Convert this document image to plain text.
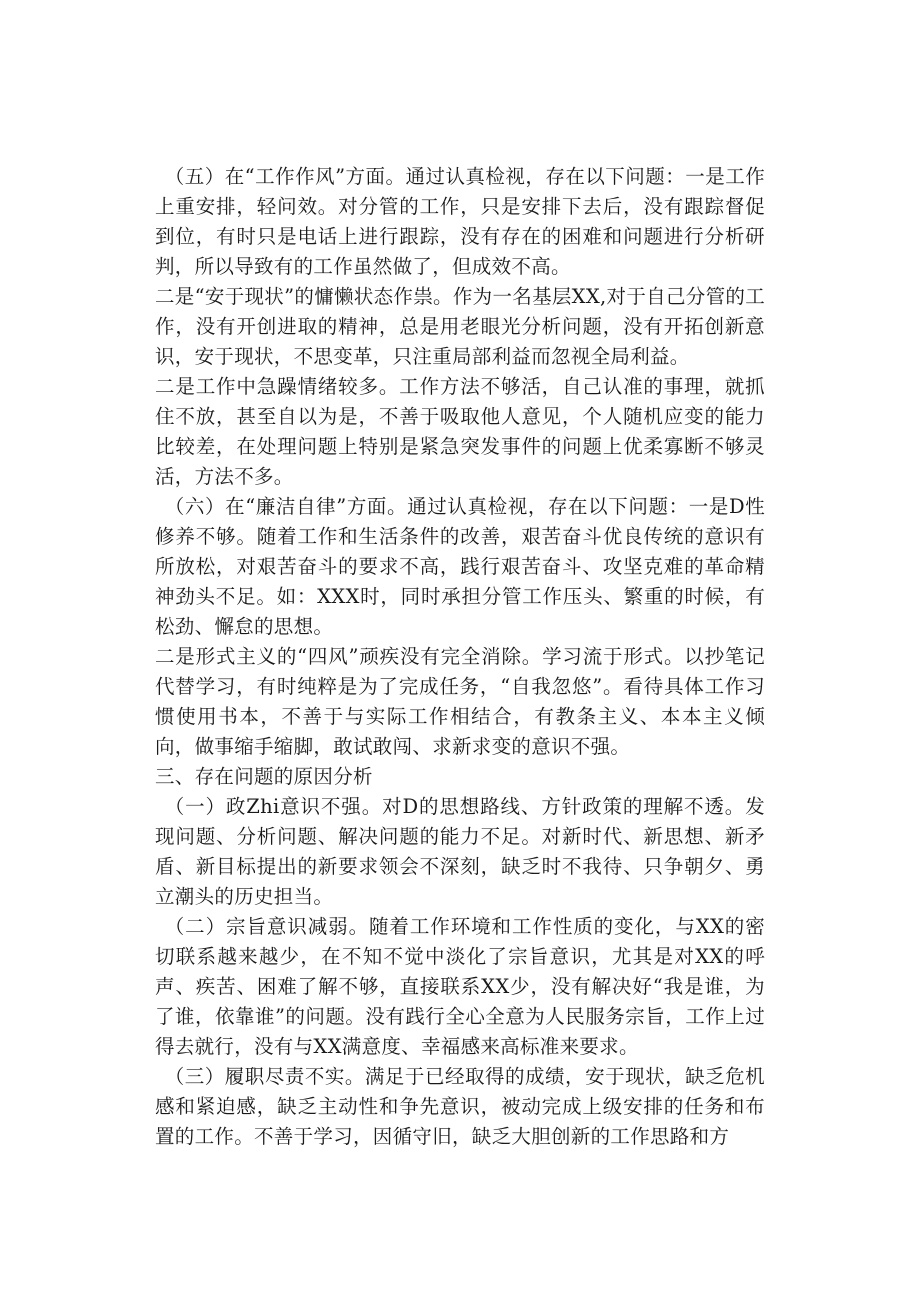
（五）在“工作作风”方面。通过认真检视，存在以下问题：一是工作上重安排，轻问效。对分管的工作，只是安排下去后，没有跟踪督促到位，有时只是电话上进行跟踪，没有存在的困难和问题进行分析研判，所以导致有的工作虽然做了，但成效不高。

二是“安于现状”的慵懒状态作祟。作为一名基层XX,对于自己分管的工作，没有开创进取的精神，总是用老眼光分析问题，没有开拓创新意识，安于现状，不思变革，只注重局部利益而忽视全局利益。

二是工作中急躁情绪较多。工作方法不够活，自己认准的事理，就抓住不放，甚至自以为是，不善于吸取他人意见，个人随机应变的能力比较差，在处理问题上特别是紧急突发事件的问题上优柔寡断不够灵活，方法不多。

（六）在“廉洁自律”方面。通过认真检视，存在以下问题：一是D性修养不够。随着工作和生活条件的改善，艰苦奋斗优良传统的意识有所放松，对艰苦奋斗的要求不高，践行艰苦奋斗、攻坚克难的革命精神劲头不足。如：XXX时，同时承担分管工作压头、繁重的时候，有松劲、懈怠的思想。

二是形式主义的“四风”顽疾没有完全消除。学习流于形式。以抄笔记代替学习，有时纯粹是为了完成任务，“自我忽悠”。看待具体工作习惯使用书本，不善于与实际工作相结合，有教条主义、本本主义倾向，做事缩手缩脚，敢试敢闯、求新求变的意识不强。

三、存在问题的原因分析

（一）政Zhi意识不强。对D的思想路线、方针政策的理解不透。发现问题、分析问题、解决问题的能力不足。对新时代、新思想、新矛盾、新目标提出的新要求领会不深刻，缺乏时不我待、只争朝夕、勇立潮头的历史担当。

（二）宗旨意识减弱。随着工作环境和工作性质的变化，与XX的密切联系越来越少，在不知不觉中淡化了宗旨意识，尤其是对XX的呼声、疾苦、困难了解不够，直接联系XX少，没有解决好“我是谁，为了谁，依靠谁”的问题。没有践行全心全意为人民服务宗旨，工作上过得去就行，没有与XX满意度、幸福感来高标准来要求。

（三）履职尽责不实。满足于已经取得的成绩，安于现状，缺乏危机感和紧迫感，缺乏主动性和争先意识，被动完成上级安排的任务和布置的工作。不善于学习，因循守旧，缺乏大胆创新的工作思路和方
